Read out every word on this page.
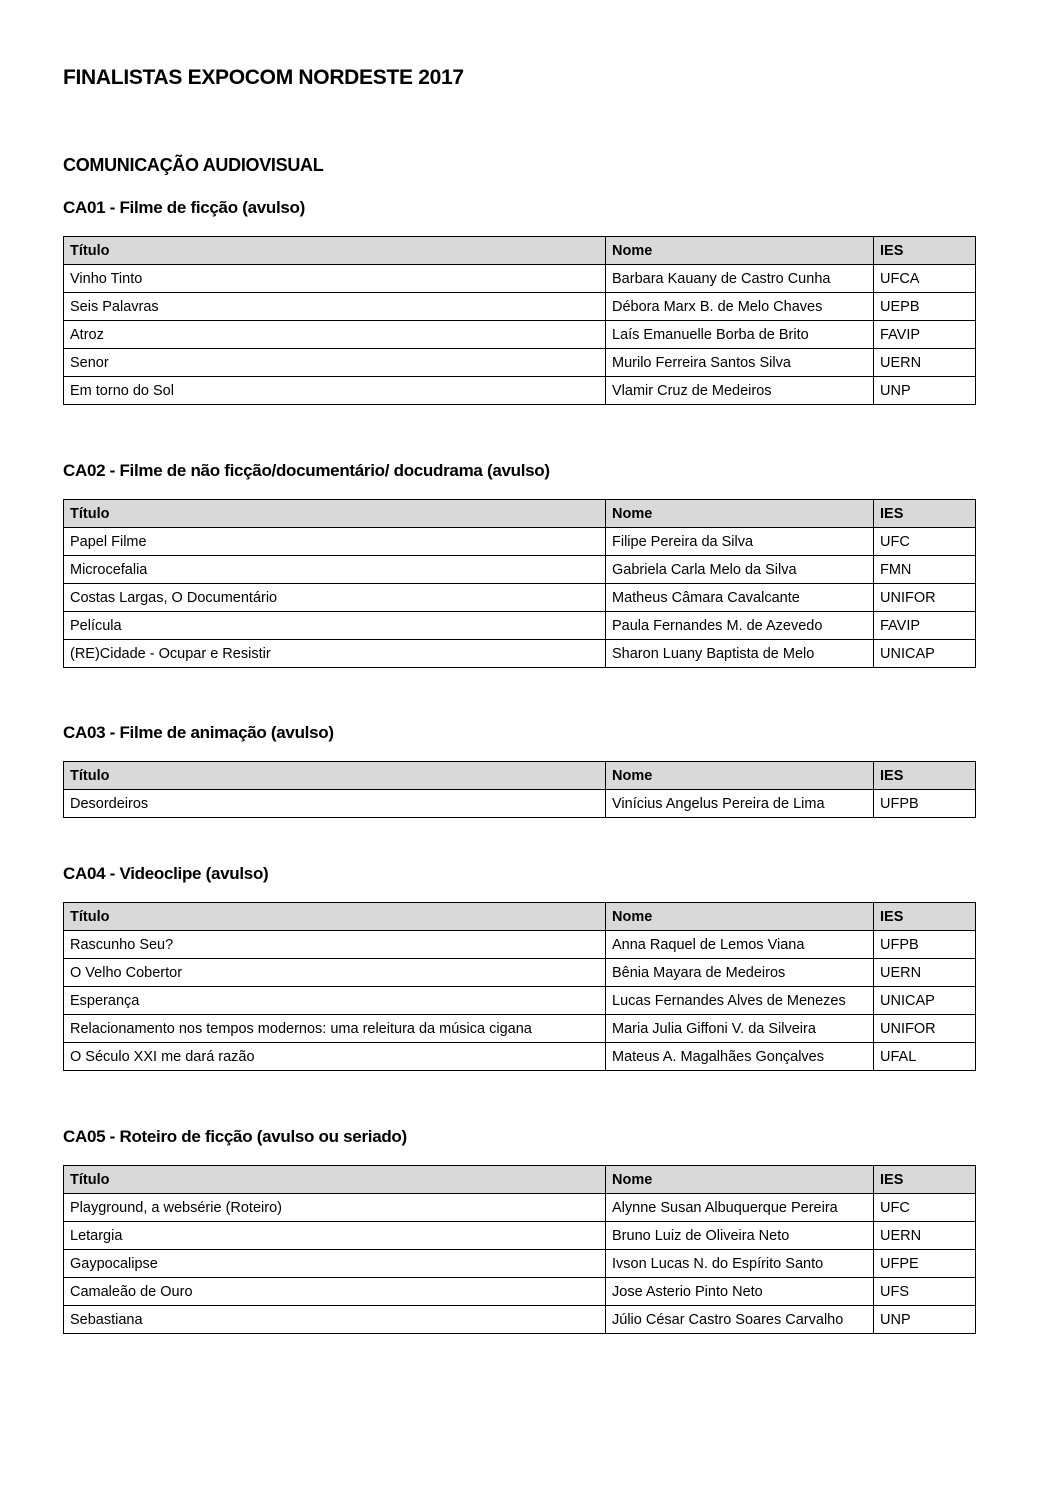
FINALISTAS EXPOCOM NORDESTE 2017
COMUNICAÇÃO AUDIOVISUAL
CA01 - Filme de ficção (avulso)
Título	Nome	IES
Vinho Tinto	Barbara Kauany de Castro Cunha	UFCA
Seis Palavras	Débora Marx B. de Melo Chaves	UEPB
Atroz	Laís Emanuelle Borba de Brito	FAVIP
Senor	Murilo Ferreira Santos Silva	UERN
Em torno do Sol	Vlamir Cruz de Medeiros	UNP
CA02 - Filme de não ficção/documentário/ docudrama (avulso)
Título	Nome	IES
Papel Filme	Filipe Pereira da Silva	UFC
Microcefalia	Gabriela Carla Melo da Silva	FMN
Costas Largas, O Documentário	Matheus Câmara Cavalcante	UNIFOR
Película	Paula Fernandes M. de Azevedo	FAVIP
(RE)Cidade - Ocupar e Resistir	Sharon Luany Baptista de Melo	UNICAP
CA03 - Filme de animação (avulso)
Título	Nome	IES
Desordeiros	Vinícius Angelus Pereira de Lima	UFPB
CA04 - Videoclipe (avulso)
Título	Nome	IES
Rascunho Seu?	Anna Raquel de Lemos Viana	UFPB
O Velho Cobertor	Bênia Mayara de Medeiros	UERN
Esperança	Lucas Fernandes Alves de Menezes	UNICAP
Relacionamento nos tempos modernos: uma releitura da música cigana	Maria Julia Giffoni V. da Silveira	UNIFOR
O Século XXI me dará razão	Mateus A. Magalhães Gonçalves	UFAL
CA05 - Roteiro de ficção (avulso ou seriado)
Título	Nome	IES
Playground, a websérie (Roteiro)	Alynne Susan Albuquerque Pereira	UFC
Letargia	Bruno Luiz de Oliveira Neto	UERN
Gaypocalipse	Ivson Lucas N. do Espírito Santo	UFPE
Camaleão de Ouro	Jose Asterio Pinto Neto	UFS
Sebastiana	Júlio César Castro Soares Carvalho	UNP
